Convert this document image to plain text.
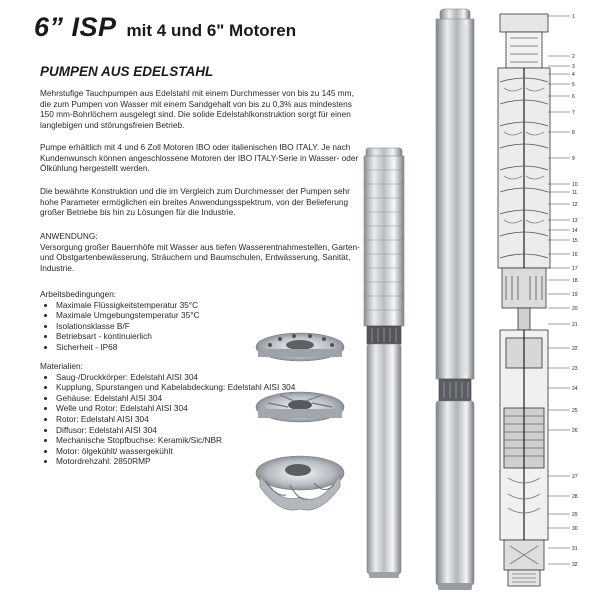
6” ISP mit 4 und 6" Motoren
PUMPEN AUS EDELSTAHL

Mehrstufige Tauchpumpen aus Edelstahl mit einem Durchmesser von bis zu 145 mm, die zum Pumpen von Wasser mit einem Sandgehalt von bis zu 0,3% aus mindestens 150 mm-Bohrlöchern ausgelegt sind. Die solide Edelstahlkonstruktion sorgt für einen langlebigen und störungsfreien Betrieb.

Pumpe erhältlich mit 4 und 6 Zoll Motoren IBO oder italienischen IBO ITALY. Je nach Kundenwunsch können angeschlossene Motoren der IBO ITALY-Serie in Wasser- oder Ölkühlung hergestellt werden.

Die bewährte Konstruktion und die im Vergleich zum Durchmesser der Pumpen sehr hohe Parameter ermöglichen ein breites Anwendungsspektrum, von der Belieferung großer Betriebe bis hin zu Lösungen für die Industrie.

ANWENDUNG:

Versorgung großer Bauernhöfe mit Wasser aus tiefen Wasserentnahmestellen, Garten- und Obstgartenbewässerung, Sträuchern und Baumschulen, Entwässerung, Sanität, Industrie.

Arbeitsbedingungen:

• Maximale Flüssigkeitstemperatur 35°C
• Maximale Umgebungstemperatur 35°C
• Isolationsklasse B/F
• Betriebsart - kontinuierlich
• Sicherheit - IP68

Materialien:

• Saug-/Druckkörper: Edelstahl AISI 304
• Kupplung, Spurstangen und Kabelabdeckung: Edelstahl AISI 304
• Gehäuse: Edelstahl AISI 304
• Welle und Rotor: Edelstahl AISI 304
• Rotor: Edelstahl AISI 304
• Diffusor: Edelstahl AISI 304
• Mechanische Stopfbuchse: Keramik/Sic/NBR
• Motor: ölgekühlt/ wassergekühlt
• Motordrehzahl: 2850RMP
1
2
3
4
5
6
7
8
9
10
11
12
13
14
15
16
17
18
19
20
21
22
23
24
25
26
27
28
29
30
31
32
